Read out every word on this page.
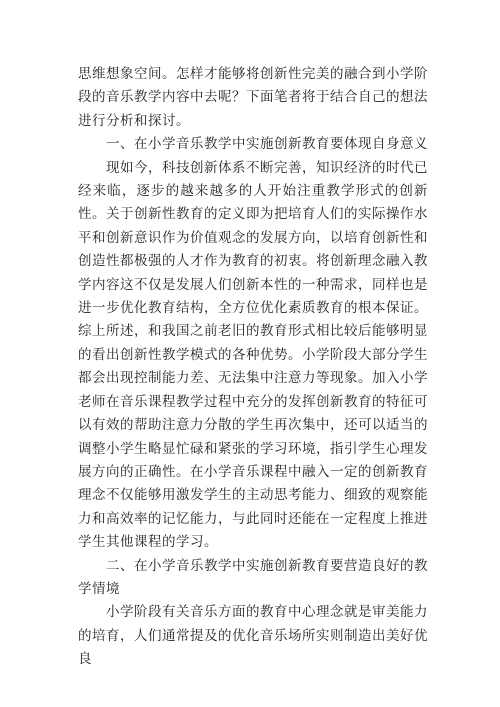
思维想象空间。怎样才能够将创新性完美的融合到小学阶段的音乐教学内容中去呢？下面笔者将于结合自己的想法进行分析和探讨。

一、在小学音乐教学中实施创新教育要体现自身意义

现如今，科技创新体系不断完善，知识经济的时代已经来临，逐步的越来越多的人开始注重教学形式的创新性。关于创新性教育的定义即为把培育人们的实际操作水平和创新意识作为价值观念的发展方向，以培育创新性和创造性都极强的人才作为教育的初衷。将创新理念融入教学内容这不仅是发展人们创新本性的一种需求，同样也是进一步优化教育结构，全方位优化素质教育的根本保证。综上所述，和我国之前老旧的教育形式相比较后能够明显的看出创新性教学模式的各种优势。小学阶段大部分学生都会出现控制能力差、无法集中注意力等现象。加入小学老师在音乐课程教学过程中充分的发挥创新教育的特征可以有效的帮助注意力分散的学生再次集中，还可以适当的调整小学生略显忙碌和紧张的学习环境，指引学生心理发展方向的正确性。在小学音乐课程中融入一定的创新教育理念不仅能够用激发学生的主动思考能力、细致的观察能力和高效率的记忆能力，与此同时还能在一定程度上推进学生其他课程的学习。

二、在小学音乐教学中实施创新教育要营造良好的教学情境

小学阶段有关音乐方面的教育中心理念就是审美能力的培育，人们通常提及的优化音乐场所实则制造出美好优良
